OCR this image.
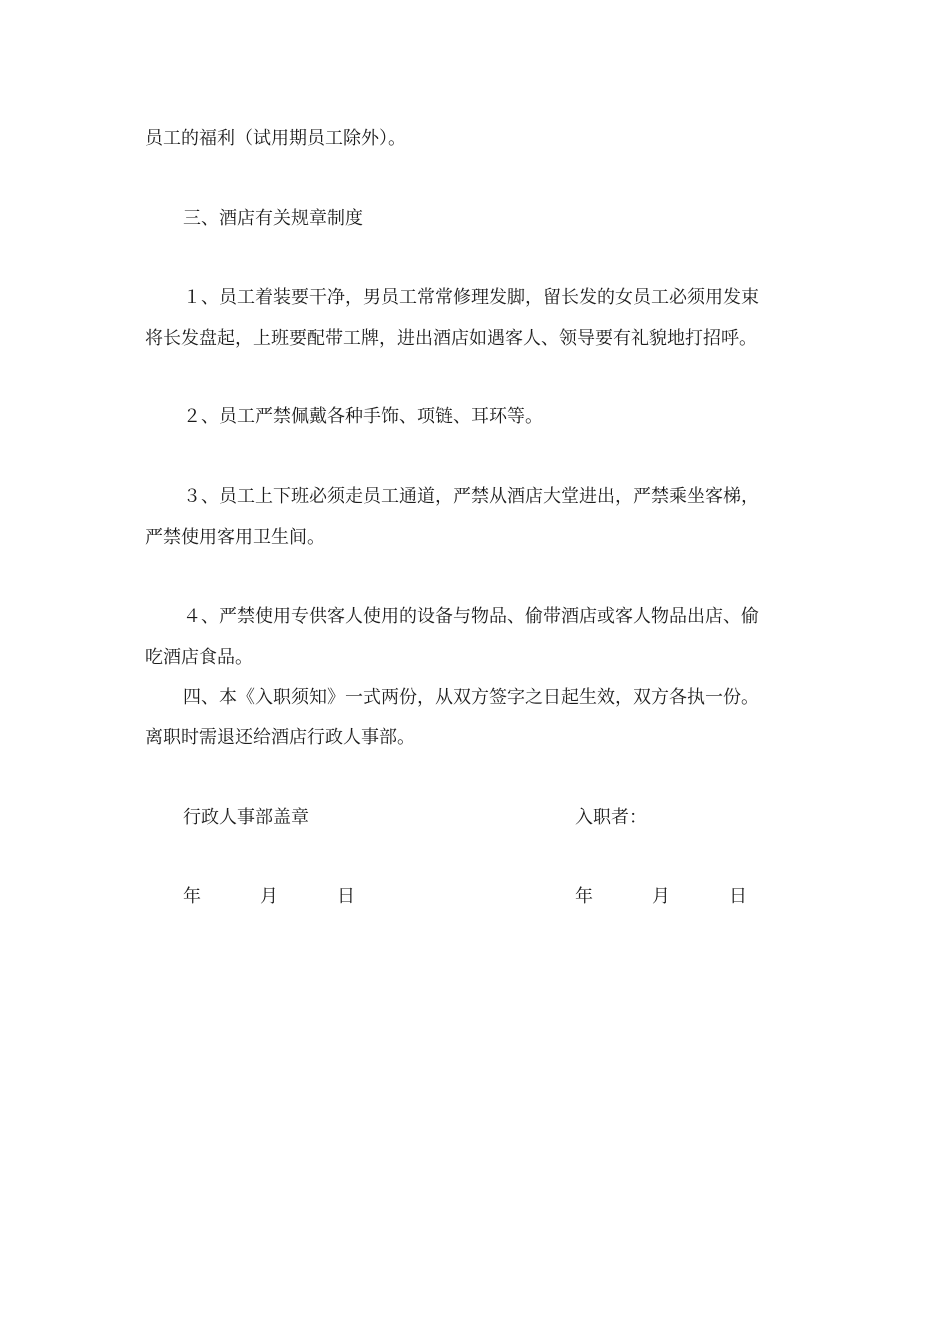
员工的福利（试用期员工除外）。
三、酒店有关规章制度
１、员工着装要干净，男员工常常修理发脚，留长发的女员工必须用发束
将长发盘起，上班要配带工牌，进出酒店如遇客人、领导要有礼貌地打招呼。
２、员工严禁佩戴各种手饰、项链、耳环等。
３、员工上下班必须走员工通道，严禁从酒店大堂进出，严禁乘坐客梯，
严禁使用客用卫生间。
４、严禁使用专供客人使用的设备与物品、偷带酒店或客人物品出店、偷
吃酒店食品。
四、本《入职须知》一式两份，从双方签字之日起生效，双方各执一份。
离职时需退还给酒店行政人事部。
行政人事部盖章	入职者：
年	月	日	年	月	日
